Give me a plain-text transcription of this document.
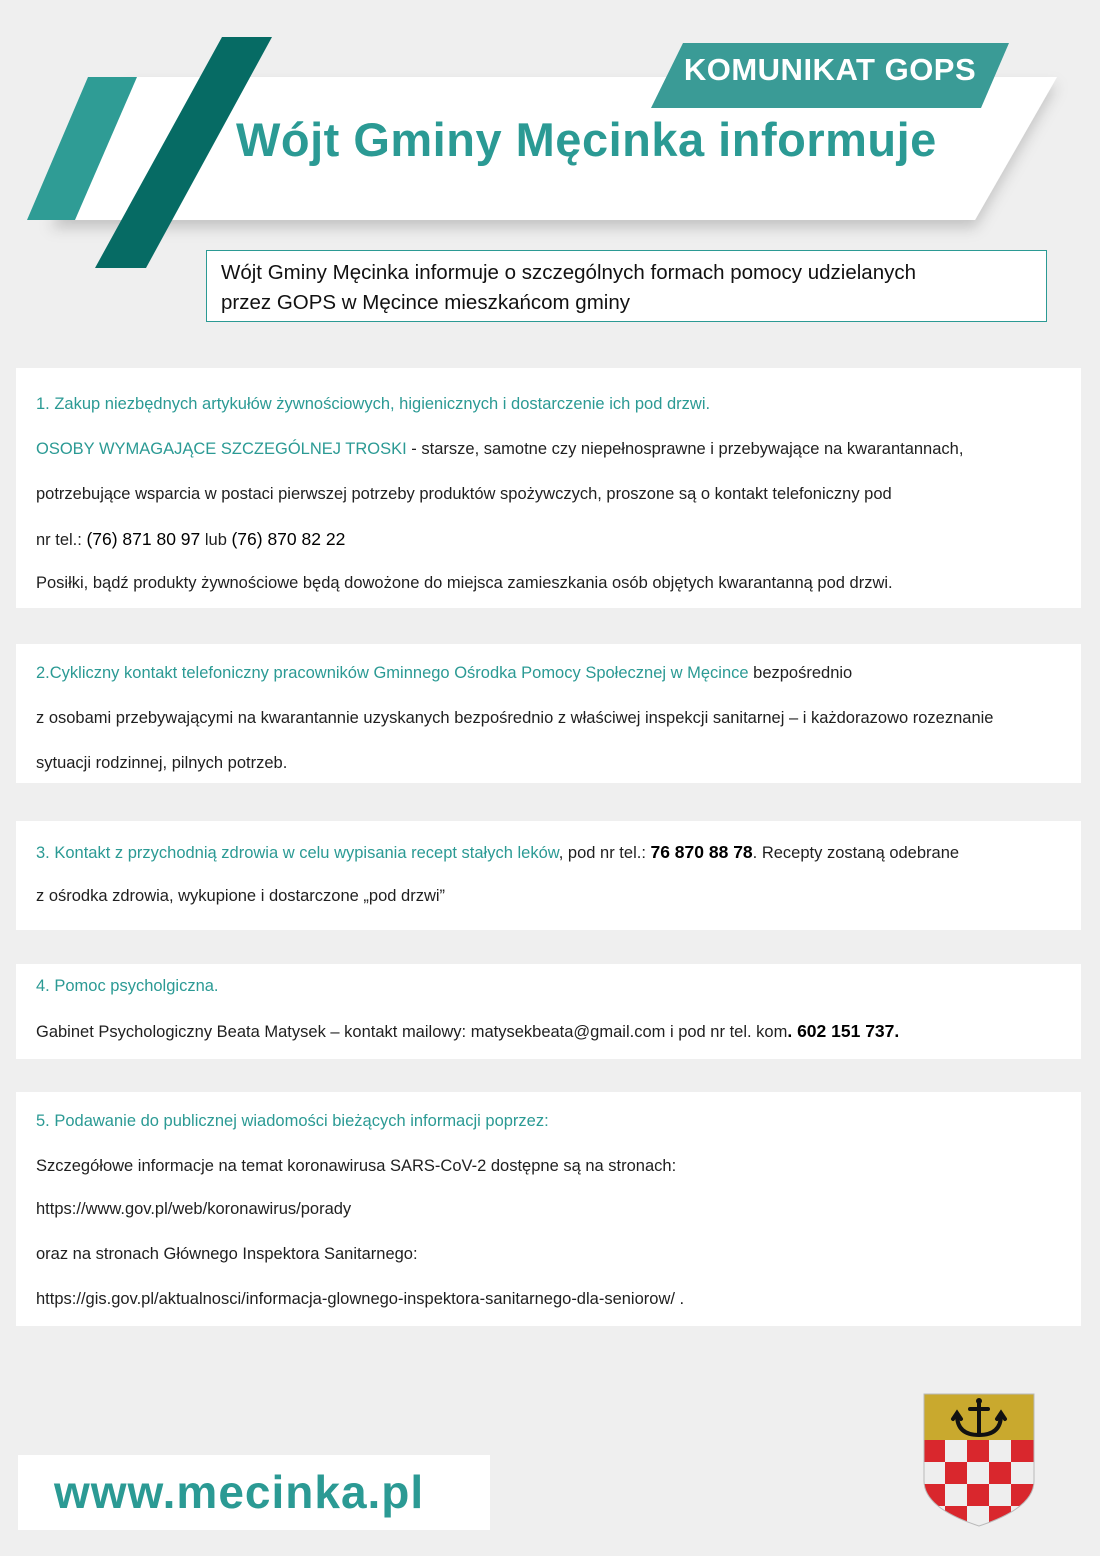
KOMUNIKAT GOPS
Wójt Gminy Męcinka informuje
Wójt Gminy Męcinka informuje o szczególnych formach pomocy udzielanych
przez GOPS w Męcince mieszkańcom gminy

1. Zakup niezbędnych artykułów żywnościowych, higienicznych i dostarczenie ich pod drzwi.

OSOBY WYMAGAJĄCE SZCZEGÓLNEJ TROSKI - starsze, samotne czy niepełnosprawne i przebywające na kwarantannach,

potrzebujące wsparcia w postaci pierwszej potrzeby produktów spożywczych, proszone są o kontakt telefoniczny pod

nr tel.: (76) 871 80 97 lub (76) 870 82 22

Posiłki, bądź produkty żywnościowe będą dowożone do miejsca zamieszkania osób objętych kwarantanną pod drzwi.

2.Cykliczny kontakt telefoniczny pracowników Gminnego Ośrodka Pomocy Społecznej w Męcince bezpośrednio

z osobami przebywającymi na kwarantannie uzyskanych bezpośrednio z właściwej inspekcji sanitarnej – i każdorazowo rozeznanie

sytuacji rodzinnej, pilnych potrzeb.

3. Kontakt z przychodnią zdrowia w celu wypisania recept stałych leków, pod nr tel.: 76 870 88 78. Recepty zostaną odebrane

z ośrodka zdrowia, wykupione i dostarczone „pod drzwi”

4. Pomoc psycholgiczna.

Gabinet Psychologiczny Beata Matysek – kontakt mailowy: matysekbeata@gmail.com i pod nr tel. kom. 602 151 737.

5. Podawanie do publicznej wiadomości bieżących informacji poprzez:

Szczegółowe informacje na temat koronawirusa SARS-CoV-2 dostępne są na stronach:

https://www.gov.pl/web/koronawirus/porady

oraz na stronach Głównego Inspektora Sanitarnego:

https://gis.gov.pl/aktualnosci/informacja-glownego-inspektora-sanitarnego-dla-seniorow/ .

www.mecinka.pl
